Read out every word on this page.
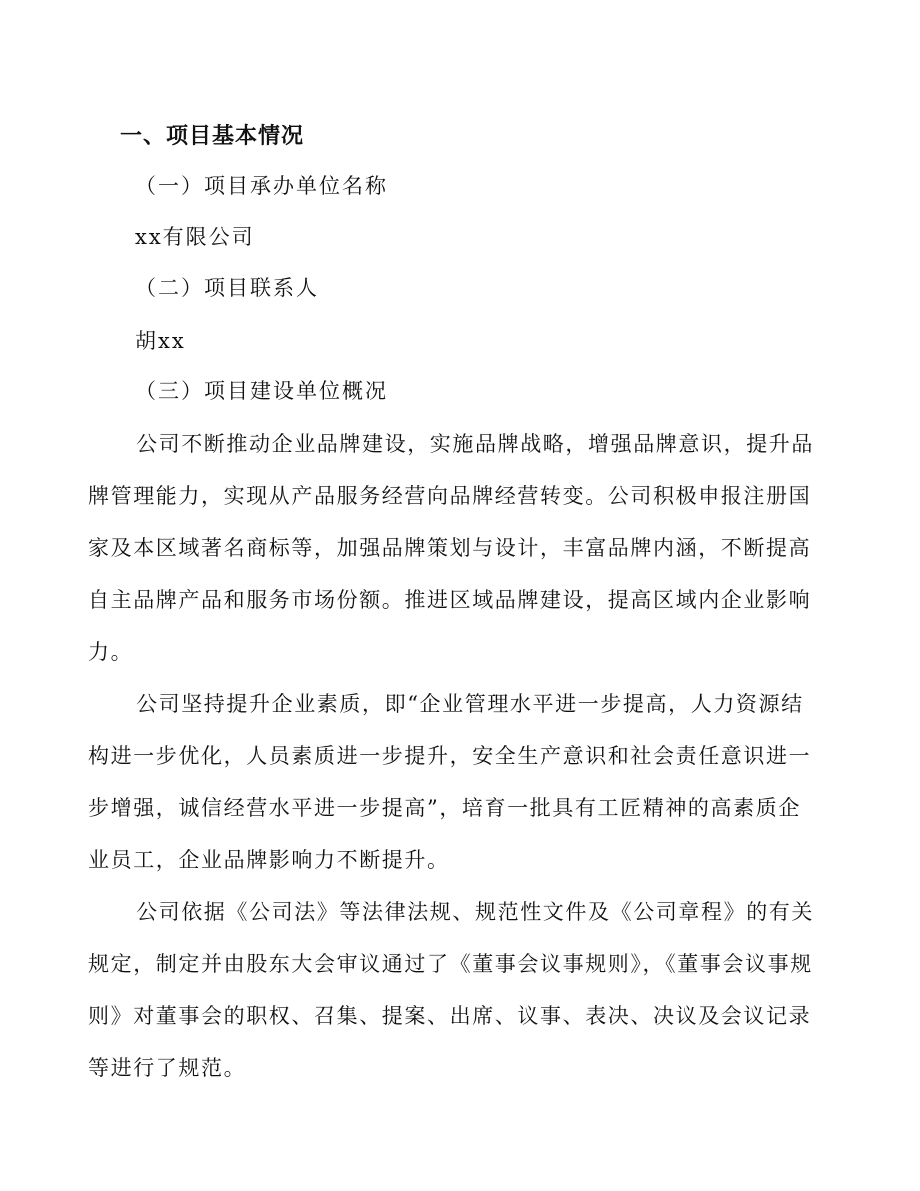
一、项目基本情况
（一）项目承办单位名称
xx有限公司
（二）项目联系人
胡xx
（三）项目建设单位概况

公司不断推动企业品牌建设，实施品牌战略，增强品牌意识，提升品牌管理能力，实现从产品服务经营向品牌经营转变。公司积极申报注册国家及本区域著名商标等，加强品牌策划与设计，丰富品牌内涵，不断提高自主品牌产品和服务市场份额。推进区域品牌建设，提高区域内企业影响力。

公司坚持提升企业素质，即“企业管理水平进一步提高，人力资源结构进一步优化，人员素质进一步提升，安全生产意识和社会责任意识进一步增强，诚信经营水平进一步提高”，培育一批具有工匠精神的高素质企业员工，企业品牌影响力不断提升。

公司依据《公司法》等法律法规、规范性文件及《公司章程》的有关规定，制定并由股东大会审议通过了《董事会议事规则》，《董事会议事规则》对董事会的职权、召集、提案、出席、议事、表决、决议及会议记录等进行了规范。
